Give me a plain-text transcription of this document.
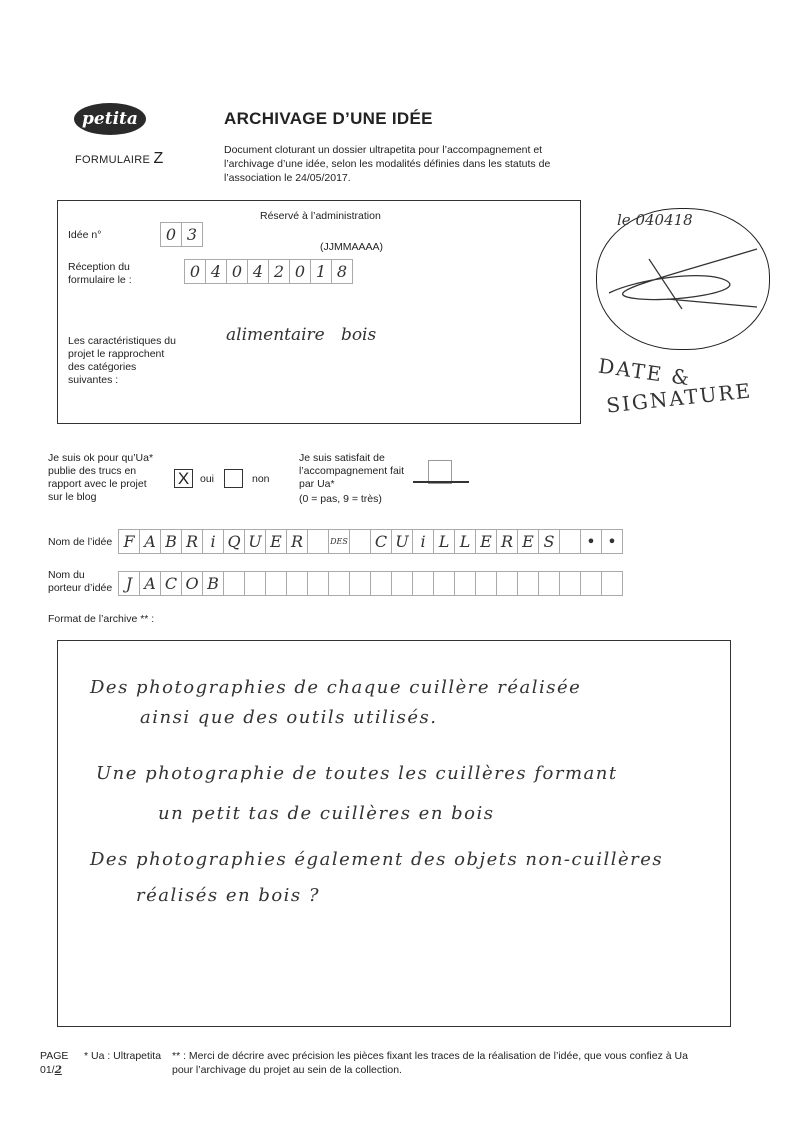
petita
FORMULAIRE Z
ARCHIVAGE D’UNE IDÉE
Document cloturant un dossier ultrapetita pour l’accompagnement et l’archivage d’une idée, selon les modalités définies dans les statuts de l’association le 24/05/2017.
Réservé à l’administration
Idée n°	0 3
(JJMMAAAA)
Réception du formulaire le :	0 4 0 4 2 0 1 8
Les caractéristiques du projet le rapprochent des catégories suivantes :
alimentaire   bois
le 040418
DATE &
SIGNATURE
Je suis ok pour qu’Ua* publie des trucs en rapport avec le projet sur le blog
X oui	non
Je suis satisfait de l’accompagnement fait par Ua*
(0 = pas, 9 = très)
Nom de l’idée F A B R i Q U E R	DES	C U i L L E R E S	• •
Nom du porteur d’idée J A C O B
Format de l’archive ** :
Des photographies de chaque cuillère réalisée
ainsi que des outils utilisés.
Une photographie de toutes les cuillères formant
un petit tas de cuillères en bois
Des photographies également des objets non-cuillères
réalisés en bois ?
PAGE
01/2
* Ua : Ultrapetita ** : Merci de décrire avec précision les pièces fixant les traces de la réalisation de l’idée, que vous confiez à Ua
pour l’archivage du projet au sein de la collection.
